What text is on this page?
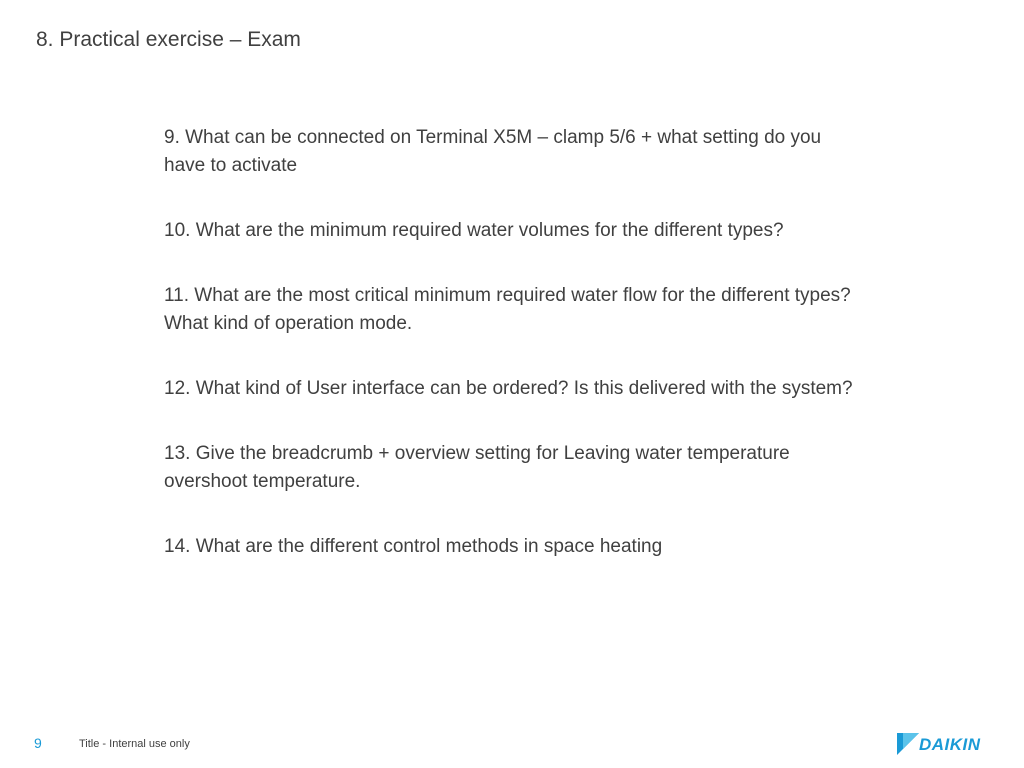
8. Practical exercise – Exam

9. What can be connected on Terminal X5M – clamp 5/6 + what setting do you have to activate

10. What are the minimum required water volumes for the different types?

11. What are the most critical minimum required water flow for the different types? What kind of operation mode.

12. What kind of User interface can be ordered? Is this delivered with the system?

13. Give the breadcrumb + overview setting for Leaving water temperature overshoot temperature.

14. What are the different control methods in space heating

9	Title - Internal use only	DAIKIN
